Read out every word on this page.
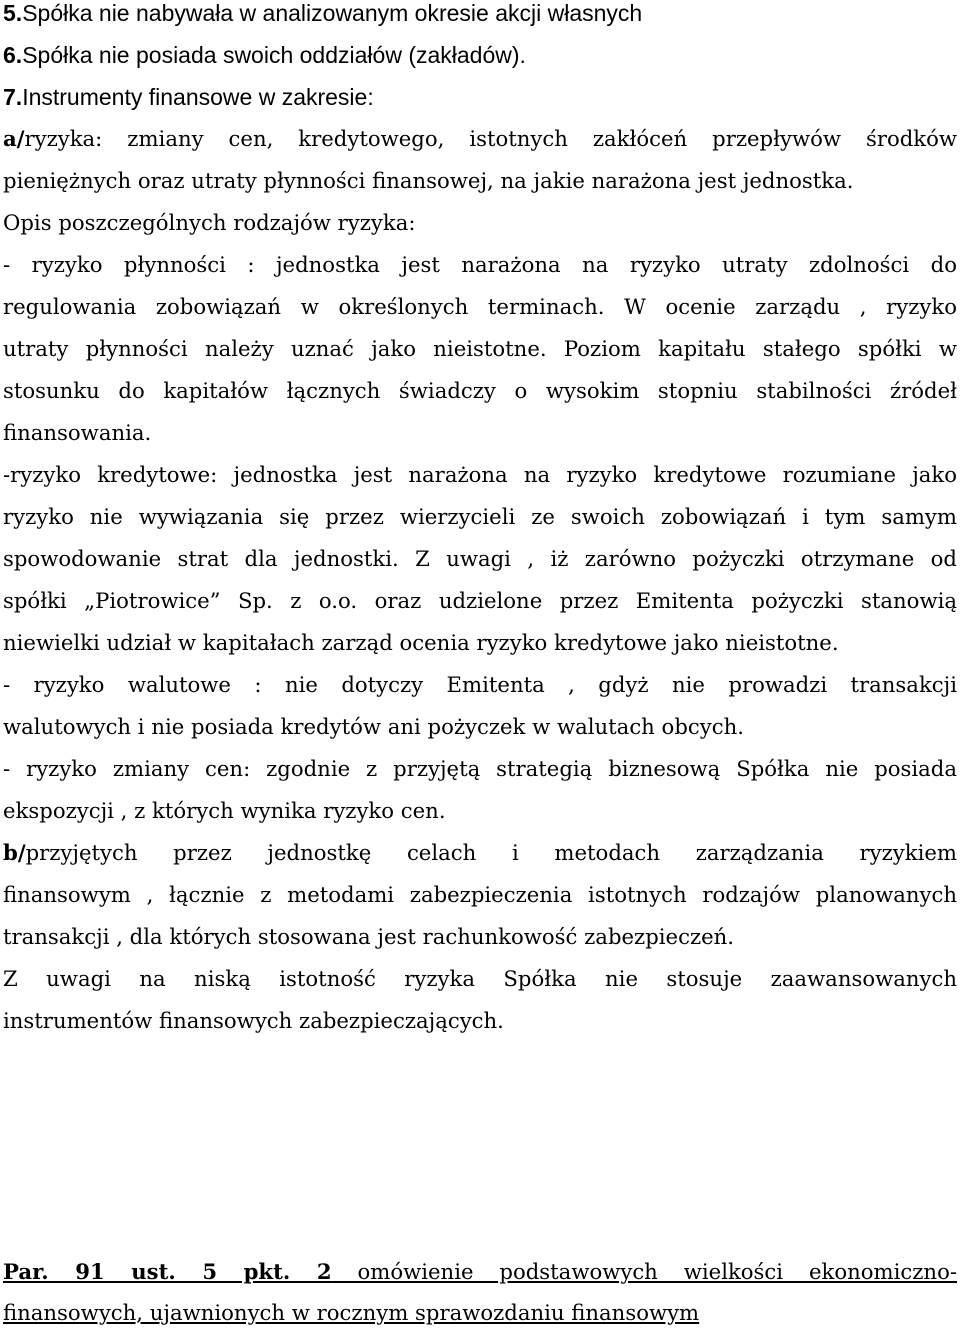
5.Spółka nie nabywała w analizowanym okresie akcji własnych
6.Spółka nie posiada swoich oddziałów (zakładów).
7.Instrumenty finansowe w zakresie:
a/ryzyka: zmiany cen, kredytowego, istotnych zakłóceń przepływów środków
pieniężnych oraz utraty płynności finansowej, na jakie narażona jest jednostka.
Opis poszczególnych rodzajów ryzyka:
- ryzyko płynności : jednostka jest narażona na ryzyko utraty zdolności do
regulowania zobowiązań w określonych terminach. W ocenie zarządu , ryzyko
utraty płynności należy uznać jako nieistotne. Poziom kapitału stałego spółki w
stosunku do kapitałów łącznych świadczy o wysokim stopniu stabilności źródeł
finansowania.
-ryzyko kredytowe: jednostka jest narażona na ryzyko kredytowe rozumiane jako
ryzyko nie wywiązania się przez wierzycieli ze swoich zobowiązań i tym samym
spowodowanie strat dla jednostki. Z uwagi , iż zarówno pożyczki otrzymane od
spółki „Piotrowice” Sp. z o.o. oraz udzielone przez Emitenta pożyczki stanowią
niewielki udział w kapitałach zarząd ocenia ryzyko kredytowe jako nieistotne.
- ryzyko walutowe : nie dotyczy Emitenta , gdyż nie prowadzi transakcji
walutowych i nie posiada kredytów ani pożyczek w walutach obcych.
- ryzyko zmiany cen: zgodnie z przyjętą strategią biznesową Spółka nie posiada
ekspozycji , z których wynika ryzyko cen.
b/przyjętych przez jednostkę celach i metodach zarządzania ryzykiem
finansowym , łącznie z metodami zabezpieczenia istotnych rodzajów planowanych
transakcji , dla których stosowana jest rachunkowość zabezpieczeń.
Z uwagi na niską istotność ryzyka Spółka nie stosuje zaawansowanych
instrumentów finansowych zabezpieczających.
Par. 91 ust. 5 pkt. 2 omówienie podstawowych wielkości ekonomiczno-
finansowych, ujawnionych w rocznym sprawozdaniu finansowym
